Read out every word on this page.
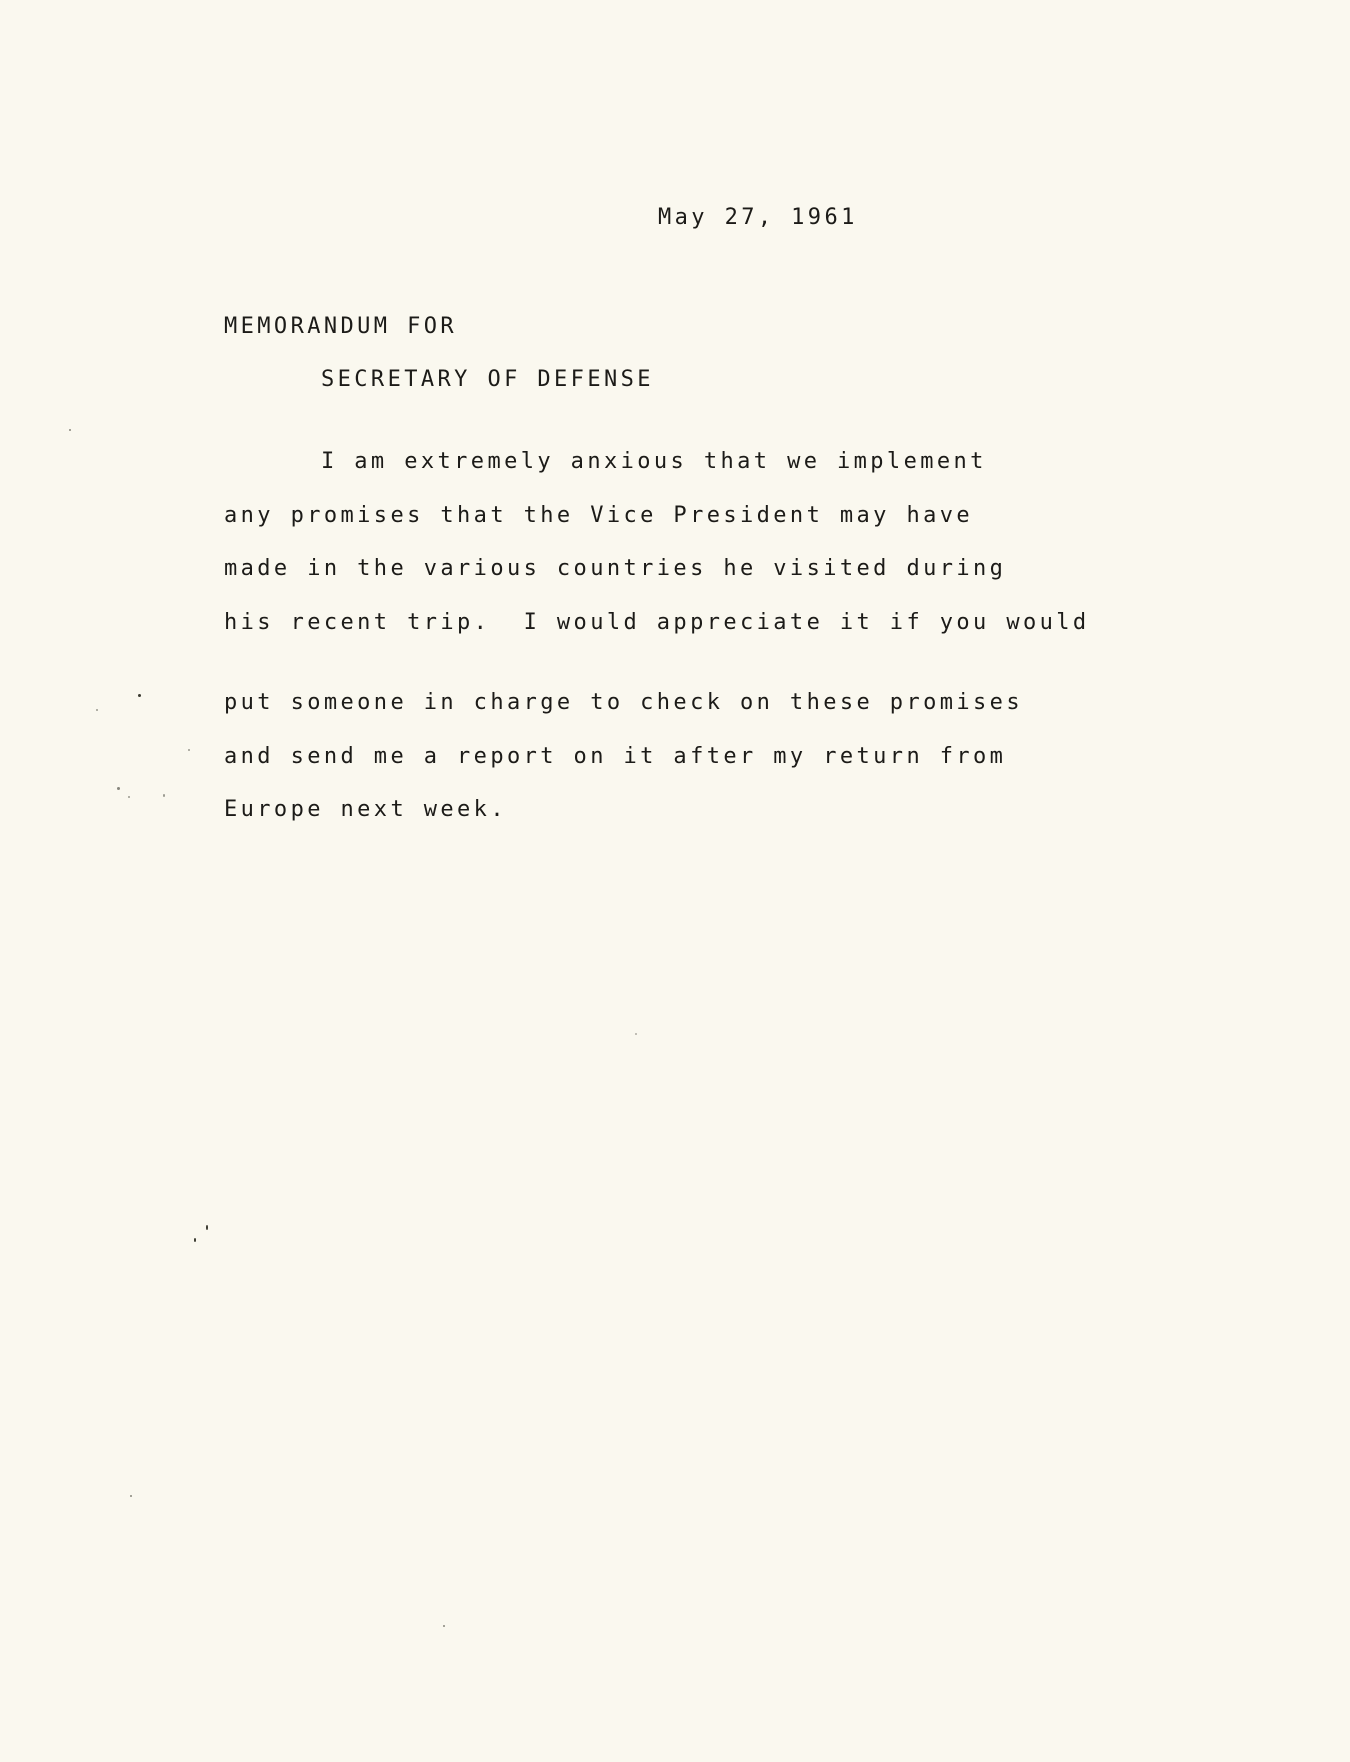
May 27, 1961
MEMORANDUM FOR
SECRETARY OF DEFENSE
I am extremely anxious that we implement
any promises that the Vice President may have
made in the various countries he visited during
his recent trip.  I would appreciate it if you would
put someone in charge to check on these promises
and send me a report on it after my return from
Europe next week.
